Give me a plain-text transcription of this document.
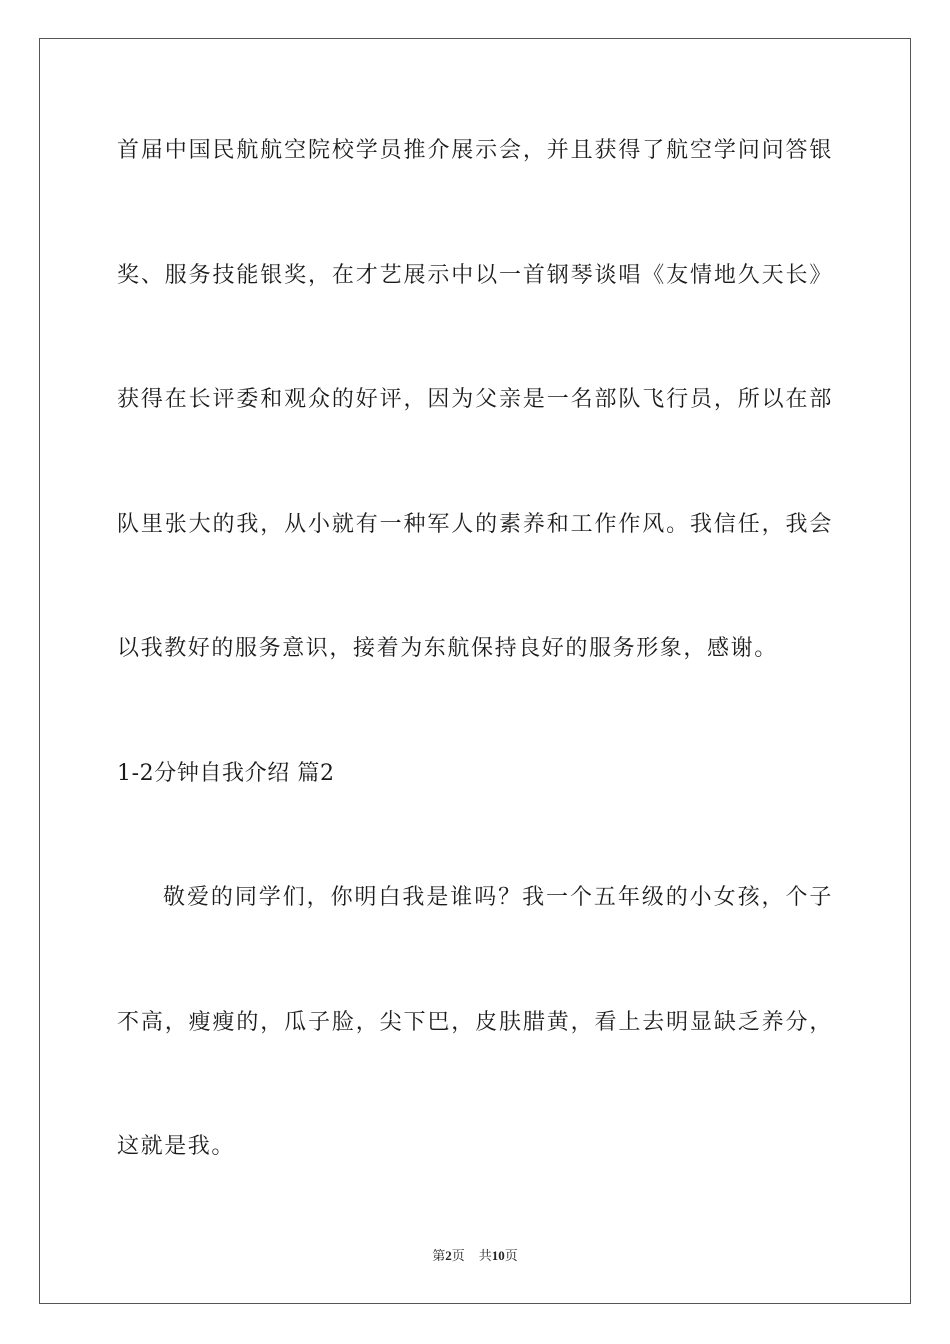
首届中国民航航空院校学员推介展示会，并且获得了航空学问问答银
奖、服务技能银奖，在才艺展示中以一首钢琴谈唱《友情地久天长》
获得在长评委和观众的好评，因为父亲是一名部队飞行员，所以在部
队里张大的我，从小就有一种军人的素养和工作作风。我信任，我会
以我教好的服务意识，接着为东航保持良好的服务形象，感谢。
1-2分钟自我介绍 篇2
敬爱的同学们，你明白我是谁吗？我一个五年级的小女孩，个子
不高，瘦瘦的，瓜子脸，尖下巴，皮肤腊黄，看上去明显缺乏养分，
这就是我。
第2页 共10页
